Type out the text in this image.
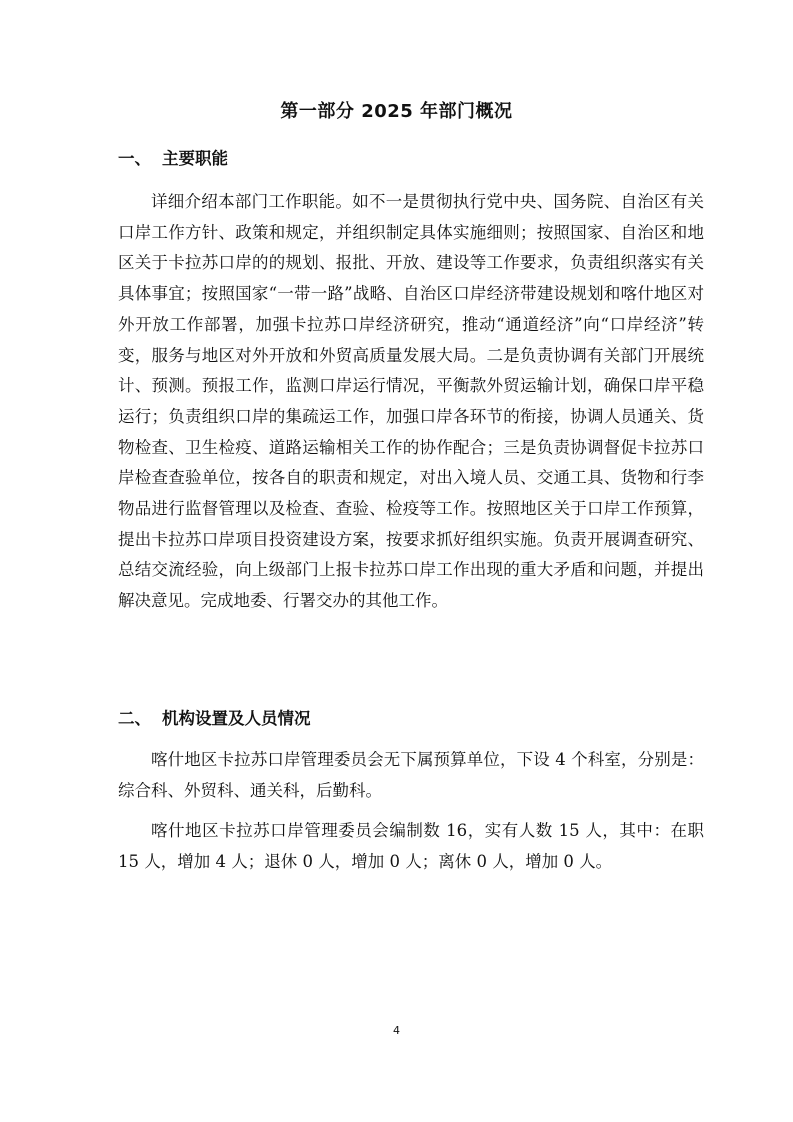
第一部分 2025 年部门概况
一、 主要职能

详细介绍本部门工作职能。如不一是贯彻执行党中央、国务院、自治区有关口岸工作方针、政策和规定，并组织制定具体实施细则；按照国家、自治区和地区关于卡拉苏口岸的的规划、报批、开放、建设等工作要求，负责组织落实有关具体事宜；按照国家“一带一路”战略、自治区口岸经济带建设规划和喀什地区对外开放工作部署，加强卡拉苏口岸经济研究，推动“通道经济”向“口岸经济”转变，服务与地区对外开放和外贸高质量发展大局。二是负责协调有关部门开展统计、预测。预报工作，监测口岸运行情况，平衡款外贸运输计划，确保口岸平稳运行；负责组织口岸的集疏运工作，加强口岸各环节的衔接，协调人员通关、货物检查、卫生检疫、道路运输相关工作的协作配合；三是负责协调督促卡拉苏口岸检查查验单位，按各自的职责和规定，对出入境人员、交通工具、货物和行李物品进行监督管理以及检查、查验、检疫等工作。按照地区关于口岸工作预算，提出卡拉苏口岸项目投资建设方案，按要求抓好组织实施。负责开展调查研究、总结交流经验，向上级部门上报卡拉苏口岸工作出现的重大矛盾和问题，并提出解决意见。完成地委、行署交办的其他工作。

二、 机构设置及人员情况

喀什地区卡拉苏口岸管理委员会无下属预算单位，下设 4 个科室，分别是：综合科、外贸科、通关科，后勤科。

喀什地区卡拉苏口岸管理委员会编制数 16，实有人数 15 人，其中：在职 15 人，增加 4 人；退休 0 人，增加 0 人；离休 0 人，增加 0 人。

4
